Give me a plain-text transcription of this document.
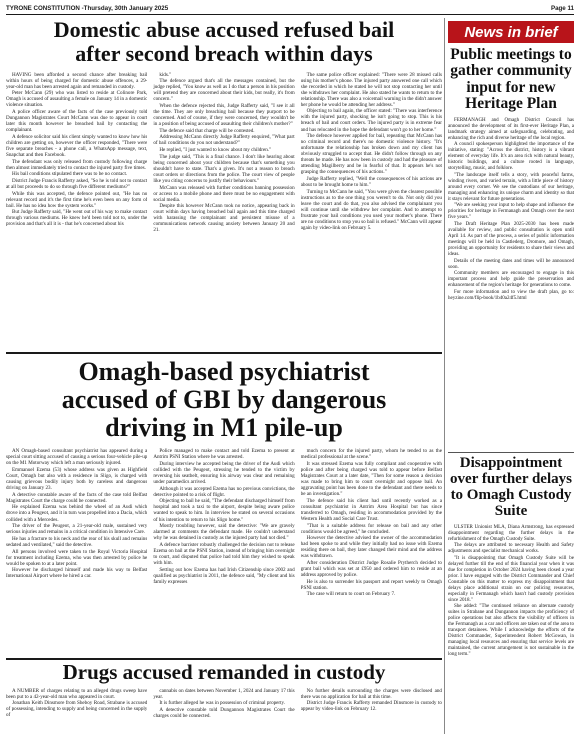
TYRONE CONSTITUTION -Thursday, 30th January 2025	Page 11
Domestic abuse accused refused bail
after second breach within days

HAVING been afforded a second chance after breaking bail within hours of being charged for domestic abuse offences, a 29-year-old man has been arrested again and remanded in custody.

Peter McCann (29) who was listed to reside at Colinore Park, Omagh is accused of assaulting a female on January 14 in a domestic violence situation.

A police officer aware of the facts of the case previously told Dungannon Magistrates Court McCann was due to appear in court later this month however he breached bail by contacting the complainant.

A defence solicitor said his client simply wanted to know how his children are getting on, however the officer responded, "There were five separate breaches - a phone call, a WhatsApp message, text, Snapchat and then Facebook.

The defendant was only released from custody following charge then almost immediately tried to contact the injured party five times.

His bail conditions stipulated there was to be no contact.

District Judge Francis Rafferty asked, "So he is told not to contact at all but proceeds to do so through five different mediums?"

While this was accepted, the defence pointed out, "He has no relevant record and it's the first time he's even been on any form of bail. He has no idea how the system works."

But Judge Rafferty said, "He went out of his way to make contact through various mediums. He knew he'd been told not to, under the provision and that's all it is - that he's concerned about his

kids."

The defence argued that's all the messages contained, but the judge replied, "You know as well as I do that a person in his position will pretend they are concerned about their kids, but really, it's from concern."

When the defence rejected this, Judge Rafferty said, "I see it all the time. They are only breaching bail because they purport to be concerned. And of course, if they were concerned, they wouldn't be in a position of being accused of assaulting their children's mother?"

The defence said that charge will be contested.

Addressing McCann directly Judge Rafferty enquired, "What part of bail conditions do you not understand?"

He replied, "I just wanted to know about my children."

The judge said, "This is a final chance. I don't like hearing about being concerned about your children because that's something you shouldn't have to state. That's a given. It's not a reason to breach court orders or directions from the police. The court view of people like you citing concerns to justify their behaviours."

McCann was released with further conditions banning possession or access to a mobile phone and there must be no engagement with social media.

Despite this however McCann took no notice, appearing back in court within days having breached bail again and this time charged with harassing the complainant and persistent misuse of a communications network causing anxiety between January 20 and 21.

The same police officer explained: "There were 28 missed calls using his mother's phone. The injured party answered one call which she recorded in which he stated he will not stop contacting her until she withdraws her complaint. He also stated he wants to return to the relationship. There was also a voicemail warning in the didn't answer her phone he would be attending her address."

Objecting to bail again, the officer stated: "There was interference with the injured party, shocking he isn't going to stop. This is his breach of bail and court orders. The injured party is in extreme fear and has relocated in the hope the defendant won't go to her home."

The defence however applied for bail, repeating that McCann has no criminal record and there's no domestic violence history. "It's unfortunate the relationship has broken down and my client has obviously struggled to accept that. He didn't follow through on any threats he made. He has now been in custody and had the pleasure of attending Magilberry and be in fearful of that. It appears he's not grasping the consequences of his actions."

Judge Rafferty replied, "Well the consequences of his actions are about to be brought home to him."

Turning to McCann he said, "You were given the clearest possible instructions as to the one thing you weren't to do. Not only did you leave the court and do that, you also advised the complainant you will continue until she withdrew her complaint. And to attempt to frustrate your bail conditions you used your mother's phone. There are no conditions to stop you so bail is refused." McCann will appear again by video-link on February 5.

Omagh-based psychiatrist
accused of GBI by dangerous
driving in M1 pile-up

AN Omagh-based consultant psychiatrist has appeared during a special court sitting accused of causing a serious four-vehicle pile-up on the M1 Motorway which left a man seriously injured.

Emmanuel Ezema (53) whose address was given as Highfield Court, Omagh but also with a residence in Sligo, is charged with causing grievous bodily injury both by careless and dangerous driving on January 23.

A detective constable aware of the facts of the case told Belfast Magistrates Court the charge could be connected.

He explained Ezema was behind the wheel of an Audi which drove into a Peugeot, and it in turn was propelled into a Dacia, which collided with a Mercedes.

The driver of the Peugeot, a 21-year-old male, sustained very serious injuries and remains in a critical condition in Intensive Care.

He has a fracture to his neck and the rear of his skull and remains sedated and ventilated," said the detective.

All persons involved were taken to the Royal Victoria Hospital for treatment including Ezema, who was then arrested by police he would be spoken to at a later point.

However he discharged himself and made his way to Belfast International Airport where he hired a car.

Police managed to make contact and told Ezema to present at Antrim PSNI Station where he was arrested.

During interview he accepted being the driver of the Audi which collided with the Peugeot, stressing he tended to the victim by reversing his seatbelt, ensuring his airway was clear and remaining under paramedics arrived.

Although it was accepted Ezema has no previous convictions, the detective pointed to a risk of flight.

Objecting to bail he said, "The defendant discharged himself from hospital and took a taxi to the airport, despite being aware police wanted to speak to him. In interview he stated on several occasions of his intention to return to his Sligo home."

Mostly troubling however, said the detective: "We are gravely alarmed at comments the defendant made. He couldn't understand why he was detained in custody as the injured party had not died."

A defence barrister robustly challenged the decision not to release Ezema on bail at the PSNI Station, instead of bringing him overnight to court, and disputed that police had told him they wished to speak with him.

Setting out how Ezema has had Irish Citizenship since 2002 and qualified as psychiatrist in 2011, the defence said, "My client and his family expresses

much concern for the injured party, whom he tended to as the medical professional at the scene."

It was stressed Ezema was fully compliant and cooperative with police and after being charged was told to appear before Belfast Magistrates Court at a later date, "Then for some reason a decision was made to bring him to court overnight and oppose bail. An aggravating point has been done to the defendant and there needs to be an investigation."

The defence said his client had until recently worked as a consultant psychiatrist in Antrim Area Hospital but has since transferred to Omagh, residing in accommodation provided by the Western Health and Social Care Trust.

"That is a suitable address for release on bail and any other conditions would be agreed," he concluded.

However the detective advised the owner of the accommodation had been spoke to and while they initially had no issue with Ezema residing there on bail, they later changed their mind and the address was withdrawn.

After consideration District Judge Rosalie Prytherch decided to grant bail which was set at £950 and ordered him to reside at an address approved by police.

He is also to surrender his passport and report weekly to Omagh PSNI station.

The case will return to court on February 7.

Drugs accused remanded in custody

A NUMBER of charges relating to an alleged drugs sweep have been put to a 42-year-old man who appeared in court.

Jonathan Keith Dinsmore from Sheboy Road, Strabane is accused of possessing, intending to supply and being concerned in the supply of

cannabis on dates between November 1, 2024 and January 17 this year.

It is further alleged he was in possession of criminal property.

A detective constable told Dungannon Magistrates Court the charges could be connected.

No further details surrounding the charges were disclosed and there was no application for bail at this time.

District Judge Francis Rafferty remanded Dinsmore in custody to appear by video-link on February 12.

News in brief
Public meetings to gather community input for new Heritage Plan

FERMANAGH and Omagh District Council has announced the development of its first-ever Heritage Plan, a landmark strategy aimed at safeguarding, celebrating, and enhancing the rich and diverse heritage of the local region.

A council spokesperson highlighted the importance of the initiative, stating: "Across the district, history is a vibrant element of everyday life. It's an area rich with natural beauty, historic buildings, and a culture rooted in language, storytelling, music, and folklore.

"The landscape itself tells a story, with peaceful farms, winding rivers, and varied terrain, with a little piece of history around every corner. We see the custodians of our heritage, managing and enhancing its unique charm and identity so that it stays relevant for future generations.

"We are seeking your input to help shape and influence the priorities for heritage in Fermanagh and Omagh over the next five years."

The Draft Heritage Plan 2025-2030 has been made available for review, and public consultation is open until April 14. As part of the process, a series of public information meetings will be held in Castlederg, Dromore, and Omagh, providing an opportunity for residents to share their views and ideas.

Details of the meeting dates and times will be announced soon.

Community members are encouraged to engage in this important process and help guide the preservation and enhancement of the region's heritage for generations to come.

For more information and to view the draft plan, go to: heyzine.com/flip-book/1b40a24f5.html

Disappointment over further delays to Omagh Custody Suite

ULSTER Unionist MLA, Diana Armstrong, has expressed disappointment regarding the further delays in the refurbishment of the Omagh Custody Suite.

The delays are attributed to necessary Health and Safety adjustments and specialist mechanical works.

"It is disappointing that Omagh Custody Suite will be delayed further till the end of this financial year when it was due for completion in October 2024 having been closed a year prior. I have engaged with the District Commander and Chief Constable on this matter to express my disappointment that delays place additional strain on our policing resources, especially in Fermanagh which hasn't had custody provision since 2018."

She added: "The continued reliance on alternate custody suites in Strabane and Dungannon impacts the proficiency of police operations but also affects the visibility of officers in the Fermanagh as a car and officers are taken out of the area to transport detainees. While I acknowledge the efforts of the District Commander, Superintendent Robert McGowan, in managing local resources and ensuring that service levels are maintained, the current arrangement is not sustainable in the long term."
